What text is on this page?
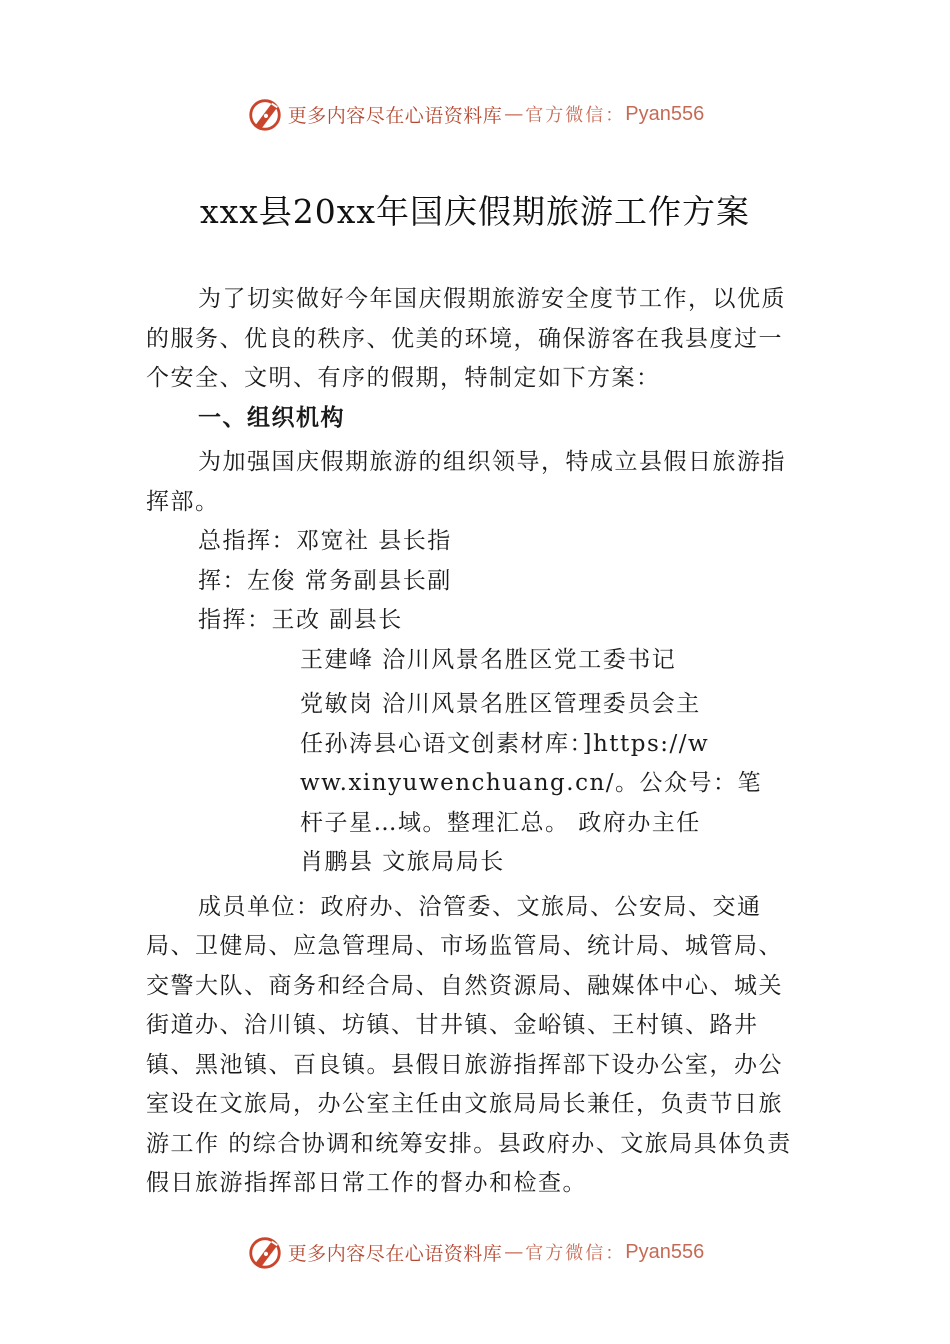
更多内容尽在心语资料库 — 官方微信： Pyan556
xxx县20xx年国庆假期旅游工作方案

为了切实做好今年国庆假期旅游安全度节工作，以优质的服务、优良的秩序、优美的环境，确保游客在我县度过一个安全、文明、有序的假期，特制定如下方案：

一、组织机构

为加强国庆假期旅游的组织领导，特成立县假日旅游指挥部。

总指挥：邓宽社 县长指

挥：左俊 常务副县长副

指挥：王改 副县长

王建峰 洽川风景名胜区党工委书记

党敏岗 洽川风景名胜区管理委员会主

任孙涛县心语文创素材库：]https://w

ww.xinyuwenchuang.cn/。公众号：笔

杆子星…域。整理汇总。 政府办主任

肖鹏县 文旅局局长

成员单位：政府办、洽管委、文旅局、公安局、交通局、卫健局、应急管理局、市场监管局、统计局、城管局、交警大队、商务和经合局、自然资源局、融媒体中心、城关街道办、洽川镇、坊镇、甘井镇、金峪镇、王村镇、路井镇、黑池镇、百良镇。县假日旅游指挥部下设办公室，办公室设在文旅局，办公室主任由文旅局局长兼任，负责节日旅游工作 的综合协调和统筹安排。县政府办、文旅局具体负责假日旅游指挥部日常工作的督办和检查。

更多内容尽在心语资料库 — 官方微信： Pyan556
